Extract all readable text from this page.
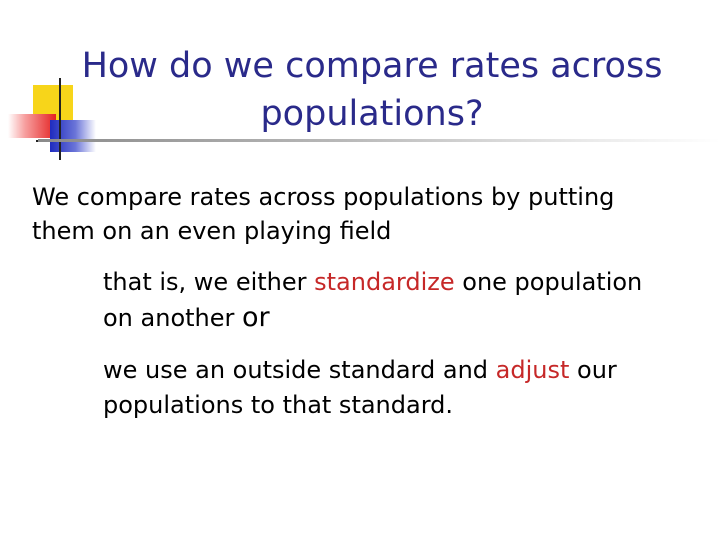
How do we compare rates across
populations?
We compare rates across populations by putting
them on an even playing field
that is, we either standardize one population
on another or
we use an outside standard and adjust our
populations to that standard.
